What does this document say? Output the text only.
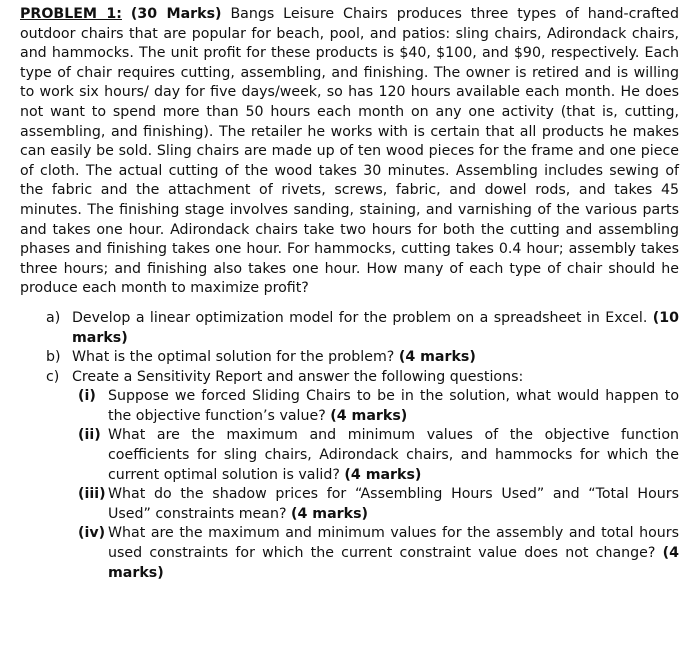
PROBLEM 1: (30 Marks) Bangs Leisure Chairs produces three types of hand-crafted outdoor chairs that are popular for beach, pool, and patios: sling chairs, Adirondack chairs, and hammocks. The unit profit for these products is $40, $100, and $90, respectively. Each type of chair requires cutting, assembling, and finishing. The owner is retired and is willing to work six hours/ day for five days/week, so has 120 hours available each month. He does not want to spend more than 50 hours each month on any one activity (that is, cutting, assembling, and finishing). The retailer he works with is certain that all products he makes can easily be sold. Sling chairs are made up of ten wood pieces for the frame and one piece of cloth. The actual cutting of the wood takes 30 minutes. Assembling includes sewing of the fabric and the attachment of rivets, screws, fabric, and dowel rods, and takes 45 minutes. The finishing stage involves sanding, staining, and varnishing of the various parts and takes one hour. Adirondack chairs take two hours for both the cutting and assembling phases and finishing takes one hour. For hammocks, cutting takes 0.4 hour; assembly takes three hours; and finishing also takes one hour. How many of each type of chair should he produce each month to maximize profit?

a) Develop a linear optimization model for the problem on a spreadsheet in Excel. (10 marks)
b) What is the optimal solution for the problem? (4 marks)
c) Create a Sensitivity Report and answer the following questions:
(i) Suppose we forced Sliding Chairs to be in the solution, what would happen to the objective function’s value? (4 marks)
(ii) What are the maximum and minimum values of the objective function coefficients for sling chairs, Adirondack chairs, and hammocks for which the current optimal solution is valid? (4 marks)
(iii) What do the shadow prices for “Assembling Hours Used” and “Total Hours Used” constraints mean? (4 marks)
(iv) What are the maximum and minimum values for the assembly and total hours used constraints for which the current constraint value does not change? (4 marks)
